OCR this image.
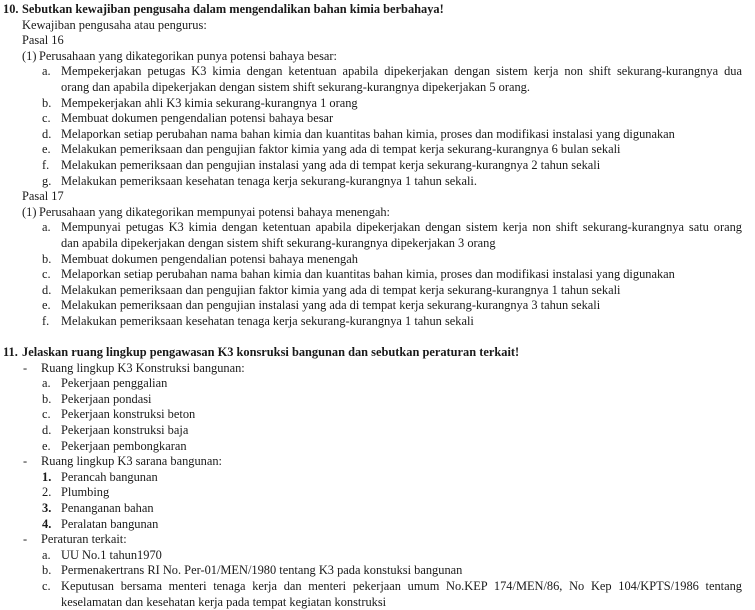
10. Sebutkan kewajiban pengusaha dalam mengendalikan bahan kimia berbahaya!
Kewajiban pengusaha atau pengurus:
Pasal 16
(1) Perusahaan yang dikategorikan punya potensi bahaya besar:
a. Mempekerjakan petugas K3 kimia dengan ketentuan apabila dipekerjakan dengan sistem kerja non shift sekurang-kurangnya dua
orang dan apabila dipekerjakan dengan sistem shift sekurang-kurangnya dipekerjakan 5 orang.
b. Mempekerjakan ahli K3 kimia sekurang-kurangnya 1 orang
c. Membuat dokumen pengendalian potensi bahaya besar
d. Melaporkan setiap perubahan nama bahan kimia dan kuantitas bahan kimia, proses dan modifikasi instalasi yang digunakan
e. Melakukan pemeriksaan dan pengujian faktor kimia yang ada di tempat kerja sekurang-kurangnya 6 bulan sekali
f. Melakukan pemeriksaan dan pengujian instalasi yang ada di tempat kerja sekurang-kurangnya 2 tahun sekali
g. Melakukan pemeriksaan kesehatan tenaga kerja sekurang-kurangnya 1 tahun sekali.
Pasal 17
(1) Perusahaan yang dikategorikan mempunyai potensi bahaya menengah:
a. Mempunyai petugas K3 kimia dengan ketentuan apabila dipekerjakan dengan sistem kerja non shift sekurang-kurangnya satu orang
dan apabila dipekerjakan dengan sistem shift sekurang-kurangnya dipekerjakan 3 orang
b. Membuat dokumen pengendalian potensi bahaya menengah
c. Melaporkan setiap perubahan nama bahan kimia dan kuantitas bahan kimia, proses dan modifikasi instalasi yang digunakan
d. Melakukan pemeriksaan dan pengujian faktor kimia yang ada di tempat kerja sekurang-kurangnya 1 tahun sekali
e. Melakukan pemeriksaan dan pengujian instalasi yang ada di tempat kerja sekurang-kurangnya 3 tahun sekali
f. Melakukan pemeriksaan kesehatan tenaga kerja sekurang-kurangnya 1 tahun sekali
11. Jelaskan ruang lingkup pengawasan K3 konsruksi bangunan dan sebutkan peraturan terkait!
- Ruang lingkup K3 Konstruksi bangunan:
a. Pekerjaan penggalian
b. Pekerjaan pondasi
c. Pekerjaan konstruksi beton
d. Pekerjaan konstruksi baja
e. Pekerjaan pembongkaran
- Ruang lingkup K3 sarana bangunan:
1. Perancah bangunan
2. Plumbing
3. Penanganan bahan
4. Peralatan bangunan
- Peraturan terkait:
a. UU No.1 tahun1970
b. Permenakertrans RI No. Per-01/MEN/1980 tentang K3 pada konstuksi bangunan
c. Keputusan bersama menteri tenaga kerja dan menteri pekerjaan umum No.KEP 174/MEN/86, No Kep 104/KPTS/1986 tentang
keselamatan dan kesehatan kerja pada tempat kegiatan konstruksi
